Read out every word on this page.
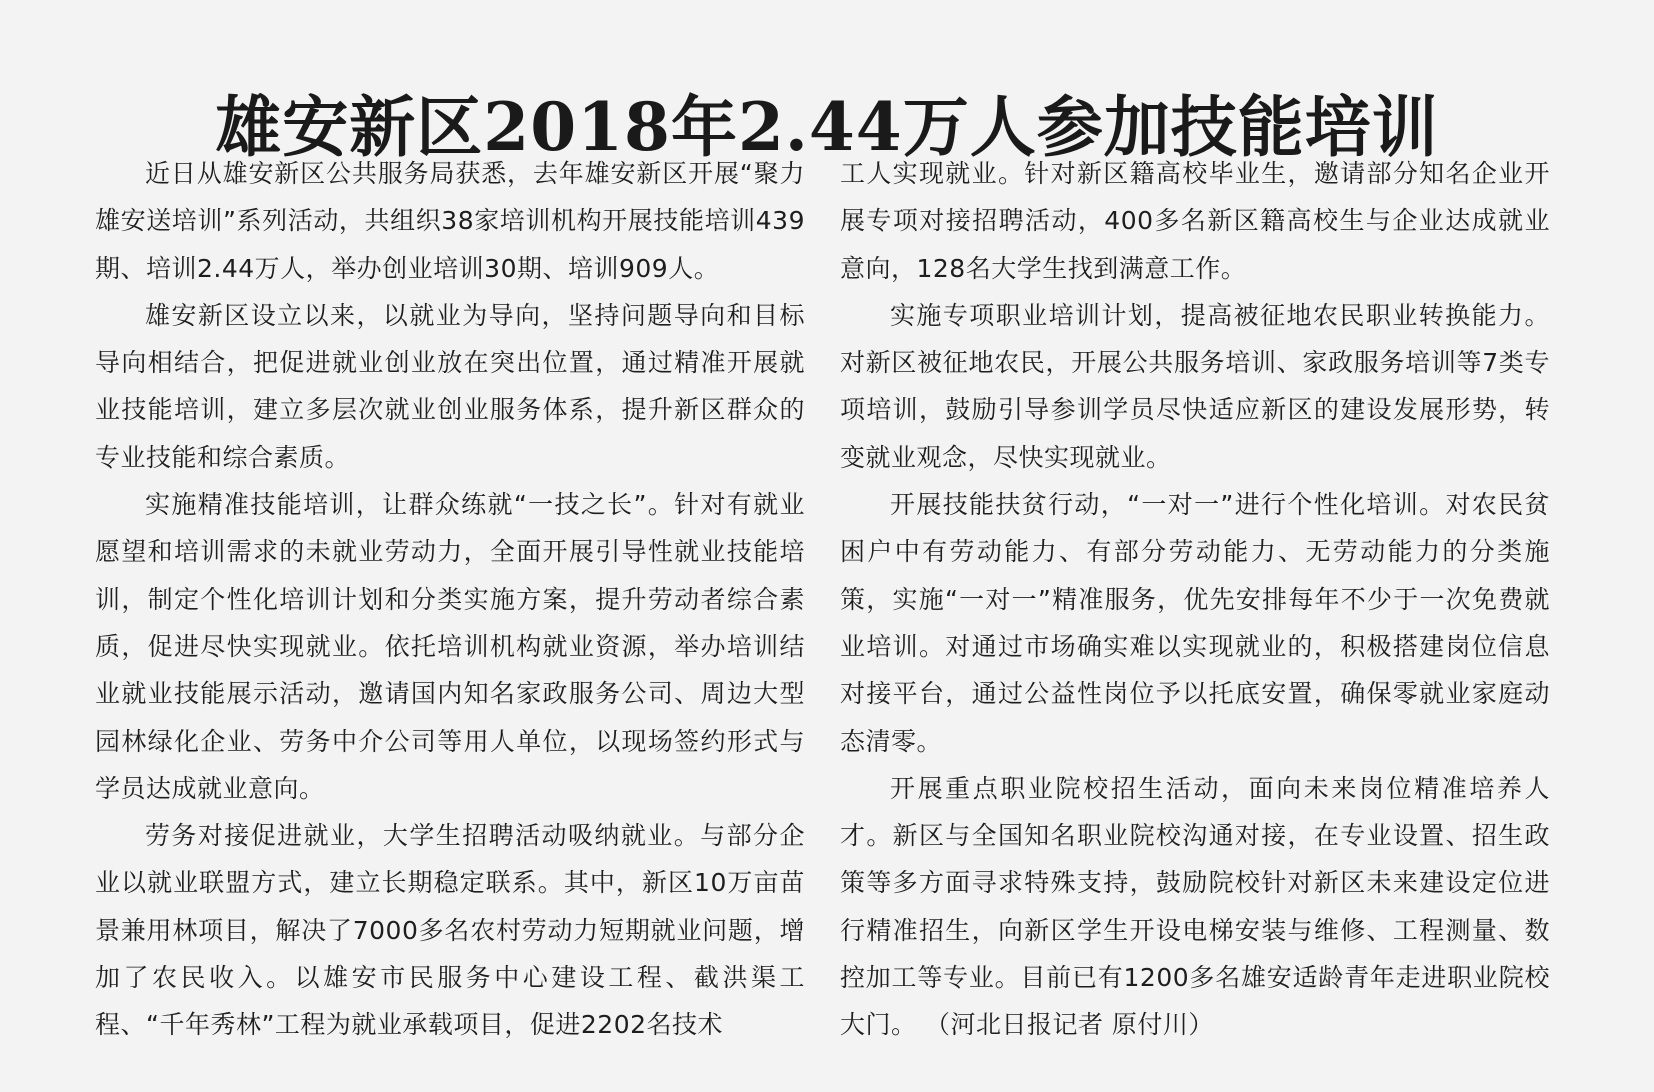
雄安新区2018年2.44万人参加技能培训

近日从雄安新区公共服务局获悉，去年雄安新区开展“聚力雄安送培训”系列活动，共组织38家培训机构开展技能培训439期、培训2.44万人，举办创业培训30期、培训909人。

雄安新区设立以来，以就业为导向，坚持问题导向和目标导向相结合，把促进就业创业放在突出位置，通过精准开展就业技能培训，建立多层次就业创业服务体系，提升新区群众的专业技能和综合素质。

实施精准技能培训，让群众练就“一技之长”。针对有就业愿望和培训需求的未就业劳动力，全面开展引导性就业技能培训，制定个性化培训计划和分类实施方案，提升劳动者综合素质，促进尽快实现就业。依托培训机构就业资源，举办培训结业就业技能展示活动，邀请国内知名家政服务公司、周边大型园林绿化企业、劳务中介公司等用人单位，以现场签约形式与学员达成就业意向。

劳务对接促进就业，大学生招聘活动吸纳就业。与部分企业以就业联盟方式，建立长期稳定联系。其中，新区10万亩苗景兼用林项目，解决了7000多名农村劳动力短期就业问题，增加了农民收入。以雄安市民服务中心建设工程、截洪渠工程、“千年秀林”工程为就业承载项目，促进2202名技术

工人实现就业。针对新区籍高校毕业生，邀请部分知名企业开展专项对接招聘活动，400多名新区籍高校生与企业达成就业意向，128名大学生找到满意工作。

实施专项职业培训计划，提高被征地农民职业转换能力。对新区被征地农民，开展公共服务培训、家政服务培训等7类专项培训，鼓励引导参训学员尽快适应新区的建设发展形势，转变就业观念，尽快实现就业。

开展技能扶贫行动，“一对一”进行个性化培训。对农民贫困户中有劳动能力、有部分劳动能力、无劳动能力的分类施策，实施“一对一”精准服务，优先安排每年不少于一次免费就业培训。对通过市场确实难以实现就业的，积极搭建岗位信息对接平台，通过公益性岗位予以托底安置，确保零就业家庭动态清零。

开展重点职业院校招生活动，面向未来岗位精准培养人才。新区与全国知名职业院校沟通对接，在专业设置、招生政策等多方面寻求特殊支持，鼓励院校针对新区未来建设定位进行精准招生，向新区学生开设电梯安装与维修、工程测量、数控加工等专业。目前已有1200多名雄安适龄青年走进职业院校大门。 （河北日报记者 原付川）
